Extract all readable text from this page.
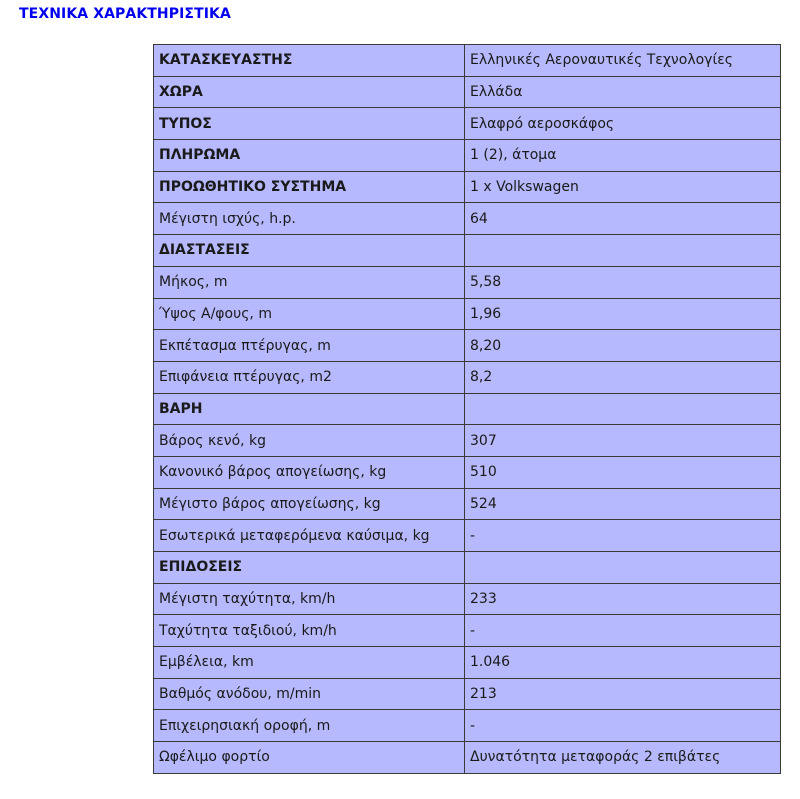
ΤΕΧΝΙΚΑ ΧΑΡΑΚΤΗΡΙΣΤΙΚΑ
ΚΑΤΑΣΚΕΥΑΣΤΗΣ	Ελληνικές Αεροναυτικές Τεχνολογίες
ΧΩΡΑ	Ελλάδα
ΤΥΠΟΣ	Ελαφρό αεροσκάφος
ΠΛΗΡΩΜΑ	1 (2), άτομα
ΠΡΟΩΘΗΤΙΚΟ ΣΥΣΤΗΜΑ	1 x Volkswagen
Μέγιστη ισχύς, h.p.	64
ΔΙΑΣΤΑΣΕΙΣ	
Μήκος, m	5,58
Ύψος Α/φους, m	1,96
Εκπέτασμα πτέρυγας, m	8,20
Επιφάνεια πτέρυγας, m2	8,2
ΒΑΡΗ	
Βάρος κενό, kg	307
Κανονικό βάρος απογείωσης, kg	510
Μέγιστο βάρος απογείωσης, kg	524
Εσωτερικά μεταφερόμενα καύσιμα, kg	-
ΕΠΙΔΟΣΕΙΣ	
Μέγιστη ταχύτητα, km/h	233
Ταχύτητα ταξιδιού, km/h	-
Εμβέλεια, km	1.046
Βαθμός ανόδου, m/min	213
Επιχειρησιακή οροφή, m	-
Ωφέλιμο φορτίο	Δυνατότητα μεταφοράς 2 επιβάτες
